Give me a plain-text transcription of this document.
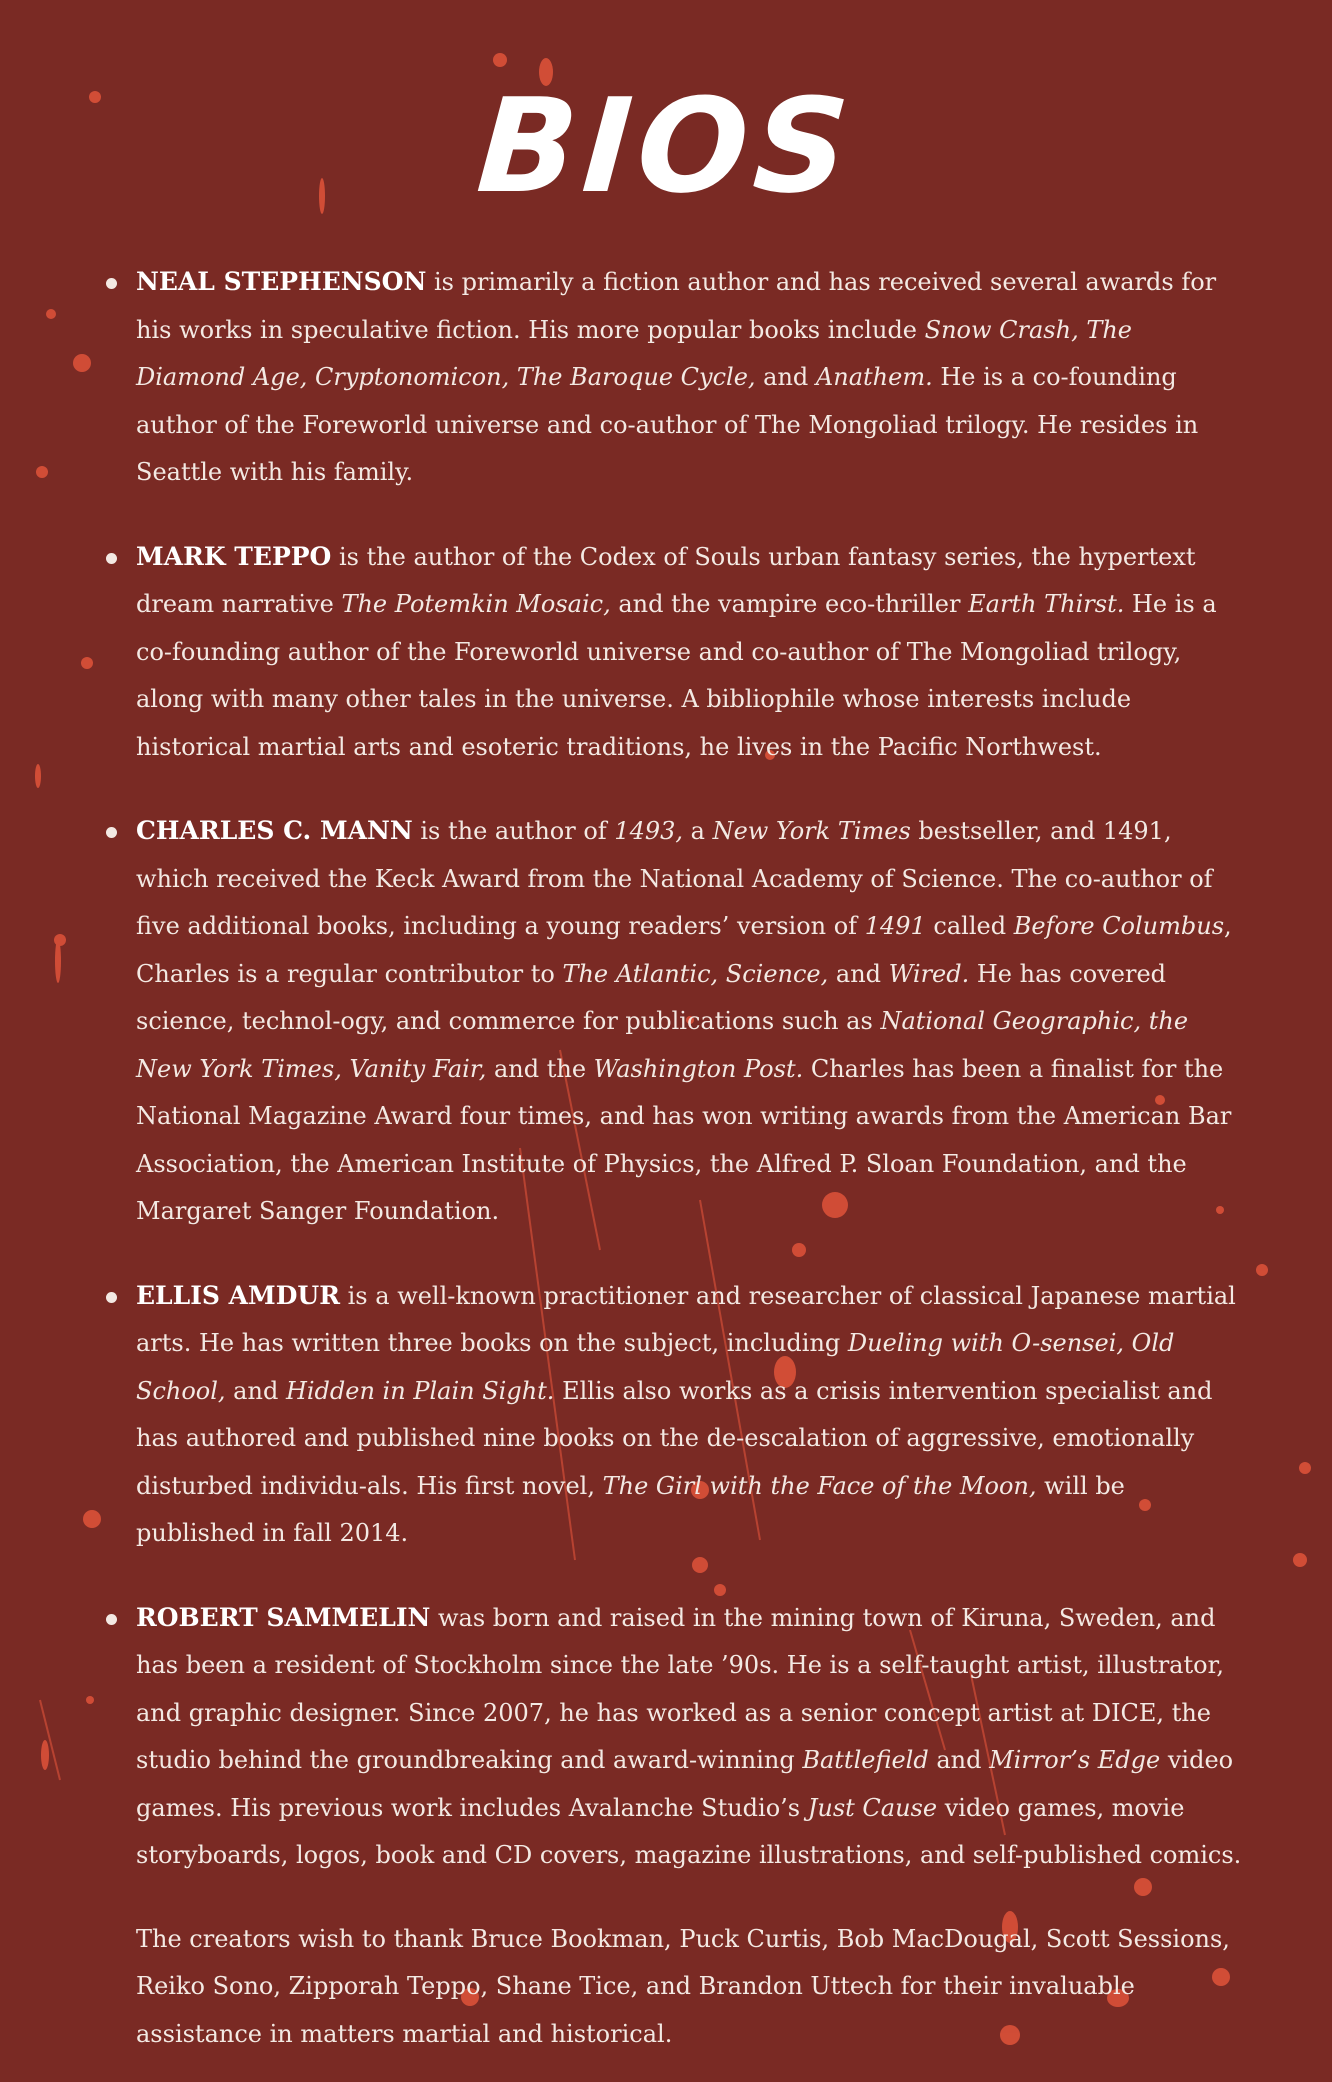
BIOS

NEAL STEPHENSON is primarily a fiction author and has received several awards for his works in speculative fiction. His more popular books include Snow Crash, The Diamond Age, Cryptonomicon, The Baroque Cycle, and Anathem. He is a co-founding author of the Foreworld universe and co-author of The Mongoliad trilogy. He resides in Seattle with his family.

MARK TEPPO is the author of the Codex of Souls urban fantasy series, the hypertext dream narrative The Potemkin Mosaic, and the vampire eco-thriller Earth Thirst. He is a co-founding author of the Foreworld universe and co-author of The Mongoliad trilogy, along with many other tales in the universe. A bibliophile whose interests include historical martial arts and esoteric traditions, he lives in the Pacific Northwest.

CHARLES C. MANN is the author of 1493, a New York Times bestseller, and 1491, which received the Keck Award from the National Academy of Science. The co-author of five additional books, including a young readers’ version of 1491 called Before Columbus, Charles is a regular contributor to The Atlantic, Science, and Wired. He has covered science, technol-ogy, and commerce for publications such as National Geographic, the New York Times, Vanity Fair, and the Washington Post. Charles has been a finalist for the National Magazine Award four times, and has won writing awards from the American Bar Association, the American Institute of Physics, the Alfred P. Sloan Foundation, and the Margaret Sanger Foundation.

ELLIS AMDUR is a well-known practitioner and researcher of classical Japanese martial arts. He has written three books on the subject, including Dueling with O-sensei, Old School, and Hidden in Plain Sight. Ellis also works as a crisis intervention specialist and has authored and published nine books on the de-escalation of aggressive, emotionally disturbed individu-als. His first novel, The Girl with the Face of the Moon, will be published in fall 2014.

ROBERT SAMMELIN was born and raised in the mining town of Kiruna, Sweden, and has been a resident of Stockholm since the late ’90s. He is a self-taught artist, illustrator, and graphic designer. Since 2007, he has worked as a senior concept artist at DICE, the studio behind the groundbreaking and award-winning Battlefield and Mirror’s Edge video games. His previous work includes Avalanche Studio’s Just Cause video games, movie storyboards, logos, book and CD covers, magazine illustrations, and self-published comics.

The creators wish to thank Bruce Bookman, Puck Curtis, Bob MacDougal, Scott Sessions, Reiko Sono, Zipporah Teppo, Shane Tice, and Brandon Uttech for their invaluable assistance in matters martial and historical.
